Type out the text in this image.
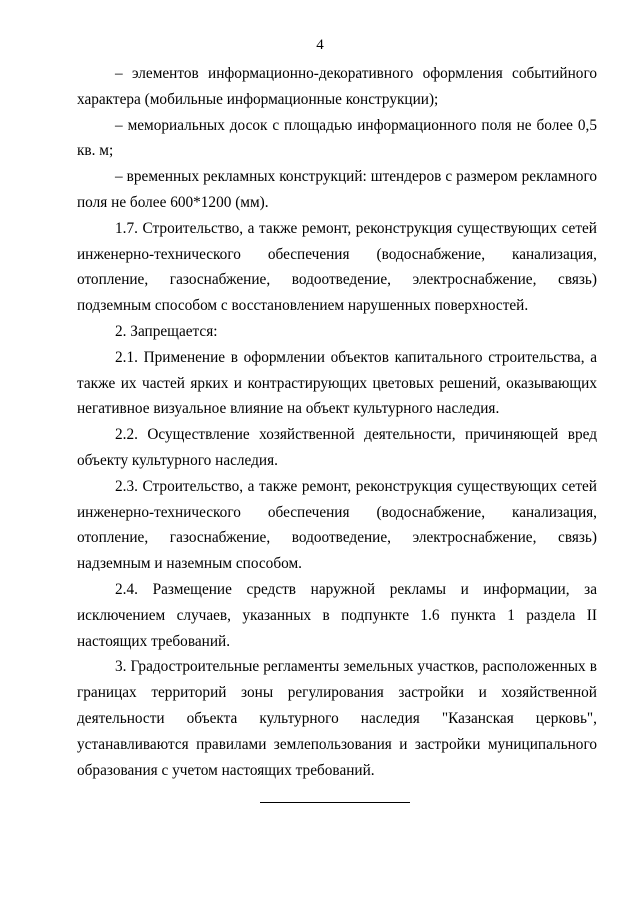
4

– элементов информационно-декоративного оформления событийного характера (мобильные информационные конструкции);

– мемориальных досок с площадью информационного поля не более 0,5 кв. м;

– временных рекламных конструкций: штендеров с размером рекламного поля не более 600*1200 (мм).

1.7. Строительство, а также ремонт, реконструкция существующих сетей инженерно-технического обеспечения (водоснабжение, канализация, отопление, газоснабжение, водоотведение, электроснабжение, связь) подземным способом с восстановлением нарушенных поверхностей.

2. Запрещается:

2.1. Применение в оформлении объектов капитального строительства, а также их частей ярких и контрастирующих цветовых решений, оказывающих негативное визуальное влияние на объект культурного наследия.

2.2. Осуществление хозяйственной деятельности, причиняющей вред объекту культурного наследия.

2.3. Строительство, а также ремонт, реконструкция существующих сетей инженерно-технического обеспечения (водоснабжение, канализация, отопление, газоснабжение, водоотведение, электроснабжение, связь) надземным и наземным способом.

2.4. Размещение средств наружной рекламы и информации, за исключением случаев, указанных в подпункте 1.6 пункта 1 раздела II настоящих требований.

3. Градостроительные регламенты земельных участков, расположенных в границах территорий зоны регулирования застройки и хозяйственной деятельности объекта культурного наследия "Казанская церковь", устанавливаются правилами землепользования и застройки муниципального образования с учетом настоящих требований.
